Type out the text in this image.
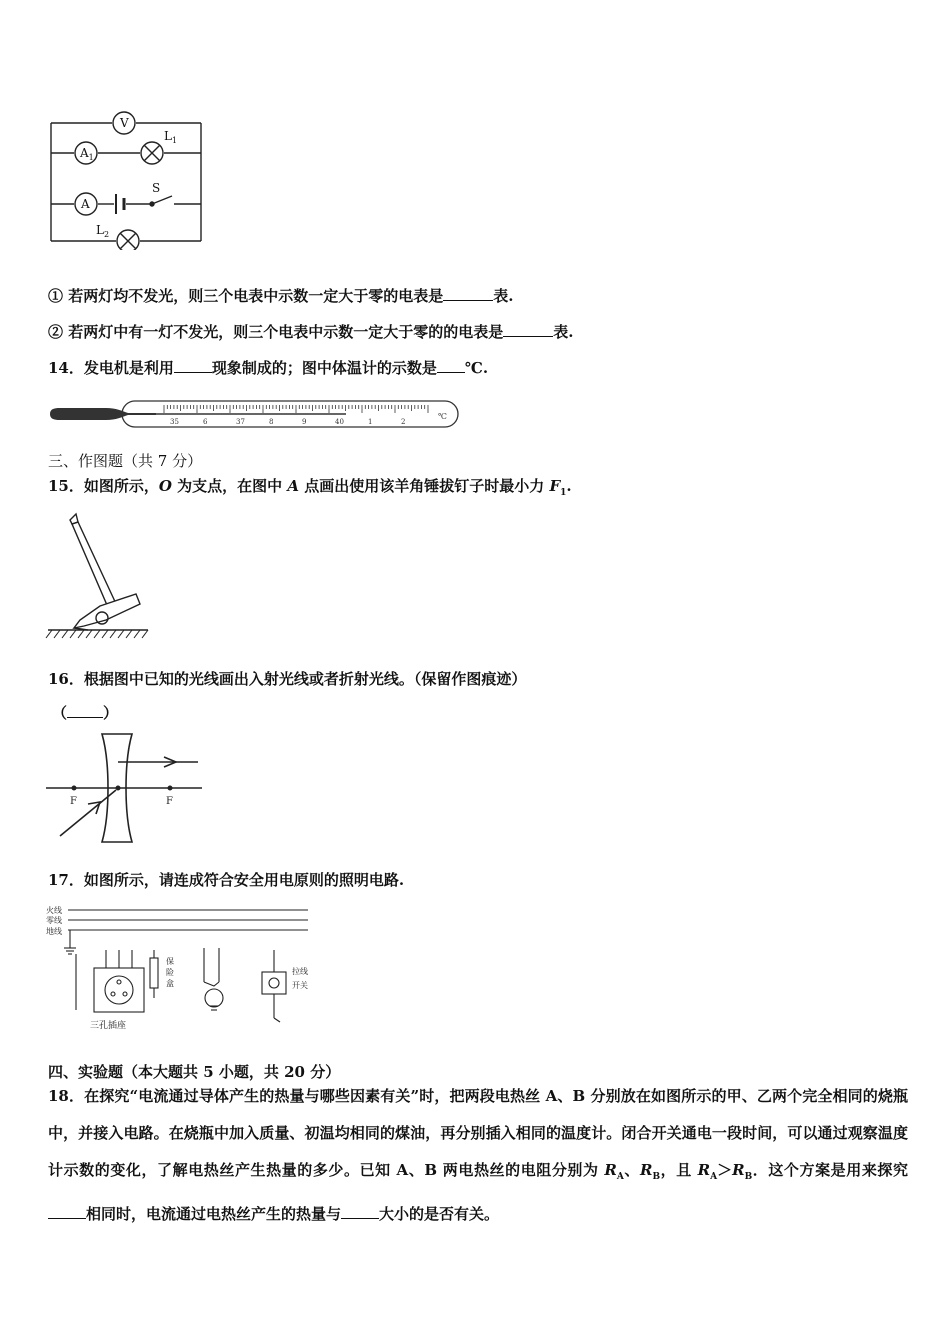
V
$A_1$
$L_1$
A
S
$L_2$
① 若两灯均不发光，则三个电表中示数一定大于零的电表是	表.
② 若两灯中有一灯不发光，则三个电表中示数一定大于零的的电表是	表.
14．发电机是利用	现象制成的；图中体温计的示数是 ℃.
35	6	37	8	9	40	1	2
℃
三、作图题（共 7 分）
15．如图所示，O 为支点，在图中 A 点画出使用该羊角锤拔钉子时最小力 $F_1$.
16．根据图中已知的光线画出入射光线或者折射光线。（保留作图痕迹）
（ ）
F	F
17．如图所示，请连成符合安全用电原则的照明电路.
火线
零线
地线
保险盒
拉线开关
三孔插座
四、实验题（本大题共 5 小题，共 20 分）
18．在探究“电流通过导体产生的热量与哪些因素有关”时，把两段电热丝 A、B 分别放在如图所示的甲、乙两个完全相同的烧瓶中，并接入电路。在烧瓶中加入质量、初温均相同的煤油，再分别插入相同的温度计。闭合开关通电一段时间，可以通过观察温度计示数的变化，了解电热丝产生热量的多少。已知 A、B 两电热丝的电阻分别为 $R_A$、$R_B$，且 $R_A>R_B$．这个方案是用来探究相同时，电流通过电热丝产生的热量与	大小的是否有关。
